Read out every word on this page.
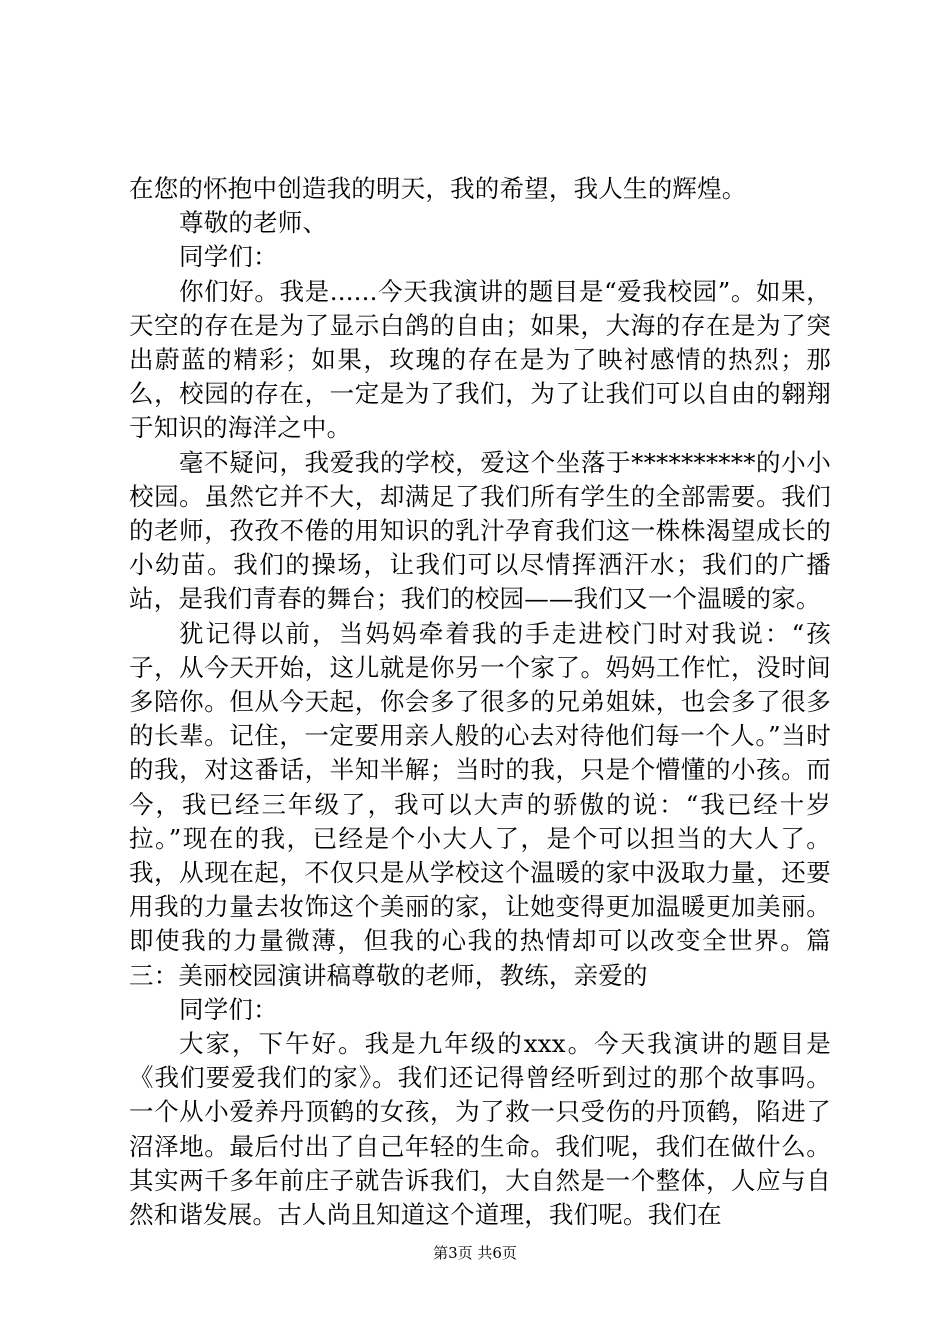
在您的怀抱中创造我的明天，我的希望，我人生的辉煌。

尊敬的老师、

同学们：

你们好。我是......今天我演讲的题目是“爱我校园”。如果，天空的存在是为了显示白鸽的自由；如果，大海的存在是为了突出蔚蓝的精彩；如果，玫瑰的存在是为了映衬感情的热烈；那么，校园的存在，一定是为了我们，为了让我们可以自由的翱翔于知识的海洋之中。

毫不疑问，我爱我的学校，爱这个坐落于**********的小小校园。虽然它并不大，却满足了我们所有学生的全部需要。我们的老师，孜孜不倦的用知识的乳汁孕育我们这一株株渴望成长的小幼苗。我们的操场，让我们可以尽情挥洒汗水；我们的广播站，是我们青春的舞台；我们的校园——我们又一个温暖的家。

犹记得以前，当妈妈牵着我的手走进校门时对我说：“孩子，从今天开始，这儿就是你另一个家了。妈妈工作忙，没时间多陪你。但从今天起，你会多了很多的兄弟姐妹，也会多了很多的长辈。记住，一定要用亲人般的心去对待他们每一个人。”当时的我，对这番话，半知半解；当时的我，只是个懵懂的小孩。而今，我已经三年级了，我可以大声的骄傲的说：“我已经十岁拉。”现在的我，已经是个小大人了，是个可以担当的大人了。我，从现在起，不仅只是从学校这个温暖的家中汲取力量，还要用我的力量去妆饰这个美丽的家，让她变得更加温暖更加美丽。即使我的力量微薄，但我的心我的热情却可以改变全世界。篇三：美丽校园演讲稿尊敬的老师，教练，亲爱的

同学们：

大家，下午好。我是九年级的xxx。今天我演讲的题目是《我们要爱我们的家》。我们还记得曾经听到过的那个故事吗。一个从小爱养丹顶鹤的女孩，为了救一只受伤的丹顶鹤，陷进了沼泽地。最后付出了自己年轻的生命。我们呢，我们在做什么。其实两千多年前庄子就告诉我们，大自然是一个整体，人应与自然和谐发展。古人尚且知道这个道理，我们呢。我们在

第3页 共6页
